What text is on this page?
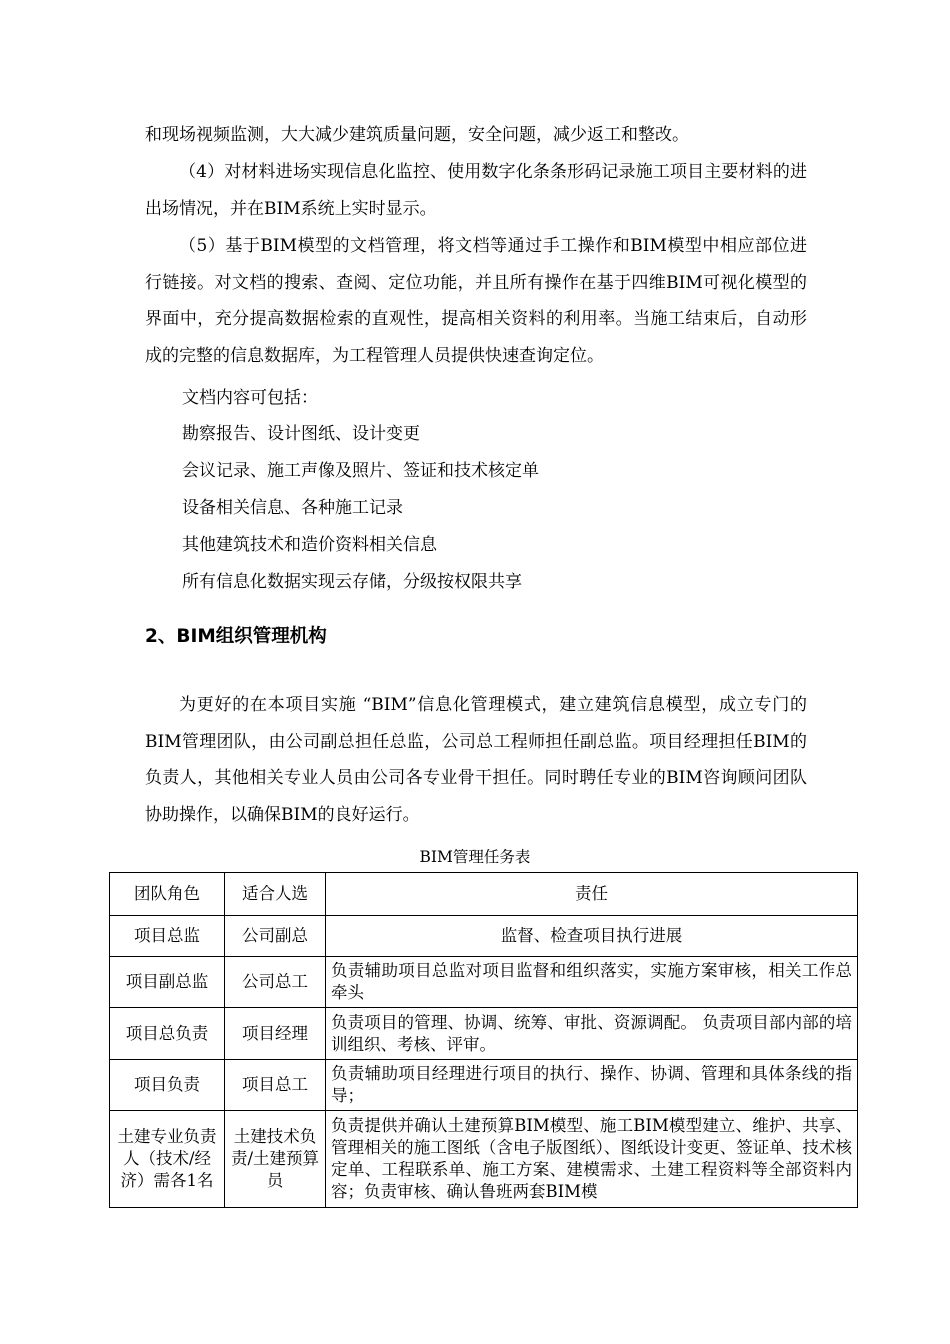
和现场视频监测，大大减少建筑质量问题，安全问题，减少返工和整改。

（4）对材料进场实现信息化监控、使用数字化条条形码记录施工项目主要材料的进出场情况，并在BIM系统上实时显示。

（5）基于BIM模型的文档管理，将文档等通过手工操作和BIM模型中相应部位进行链接。对文档的搜索、查阅、定位功能，并且所有操作在基于四维BIM可视化模型的界面中，充分提高数据检索的直观性，提高相关资料的利用率。当施工结束后，自动形成的完整的信息数据库，为工程管理人员提供快速查询定位。

文档内容可包括：

勘察报告、设计图纸、设计变更

会议记录、施工声像及照片、签证和技术核定单

设备相关信息、各种施工记录

其他建筑技术和造价资料相关信息

所有信息化数据实现云存储，分级按权限共享

2、BIM组织管理机构

为更好的在本项目实施 “BIM”信息化管理模式，建立建筑信息模型，成立专门的BIM管理团队，由公司副总担任总监，公司总工程师担任副总监。项目经理担任BIM的负责人，其他相关专业人员由公司各专业骨干担任。同时聘任专业的BIM咨询顾问团队协助操作，以确保BIM的良好运行。

BIM管理任务表

团队角色	适合人选	责任
项目总监	公司副总	监督、检查项目执行进展
项目副总监	公司总工	负责辅助项目总监对项目监督和组织落实，实施方案审核，相关工作总牵头
项目总负责	项目经理	负责项目的管理、协调、统筹、审批、资源调配。 负责项目部内部的培训组织、考核、评审。
项目负责	项目总工	负责辅助项目经理进行项目的执行、操作、协调、管理和具体条线的指导；
土建专业负责人（技术/经济）需各1名	土建技术负责/土建预算员	负责提供并确认土建预算BIM模型、施工BIM模型建立、维护、共享、管理相关的施工图纸（含电子版图纸）、图纸设计变更、签证单、技术核定单、工程联系单、施工方案、建模需求、土建工程资料等全部资料内容；负责审核、确认鲁班两套BIM模
